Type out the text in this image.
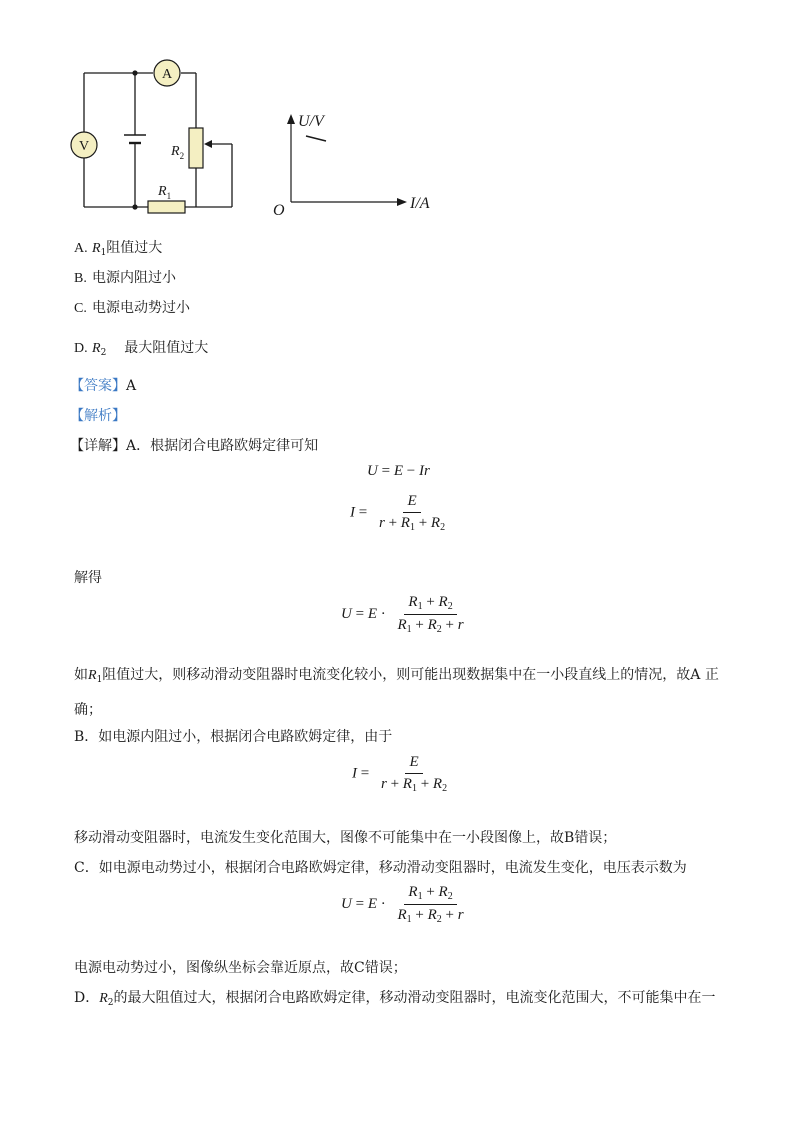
A
V	$R_2$
$R_1$
U/V
I/A
O
A. $R_1$阻值过大
B. 电源内阻过小
C. 电源电动势过小
D. $R_2$ 最大阻值过大
【答案】A
【解析】
【详解】A．根据闭合电路欧姆定律可知
U = E − Ir
$I = \frac{E}{r + R_1 + R_2}$
解得
$U = E \cdot \frac{R_1 + R_2}{R_1 + R_2 + r}$
如$R_1$阻值过大，则移动滑动变阻器时电流变化较小，则可能出现数据集中在一小段直线上的情况，故A 正
确；
B．如电源内阻过小，根据闭合电路欧姆定律，由于
$I = \frac{E}{r + R_1 + R_2}$
移动滑动变阻器时，电流发生变化范围大，图像不可能集中在一小段图像上，故B错误；
C．如电源电动势过小，根据闭合电路欧姆定律，移动滑动变阻器时，电流发生变化，电压表示数为
$U = E \cdot \frac{R_1 + R_2}{R_1 + R_2 + r}$
电源电动势过小，图像纵坐标会靠近原点，故C错误；
D．$R_2$的最大阻值过大，根据闭合电路欧姆定律，移动滑动变阻器时，电流变化范围大，不可能集中在一
